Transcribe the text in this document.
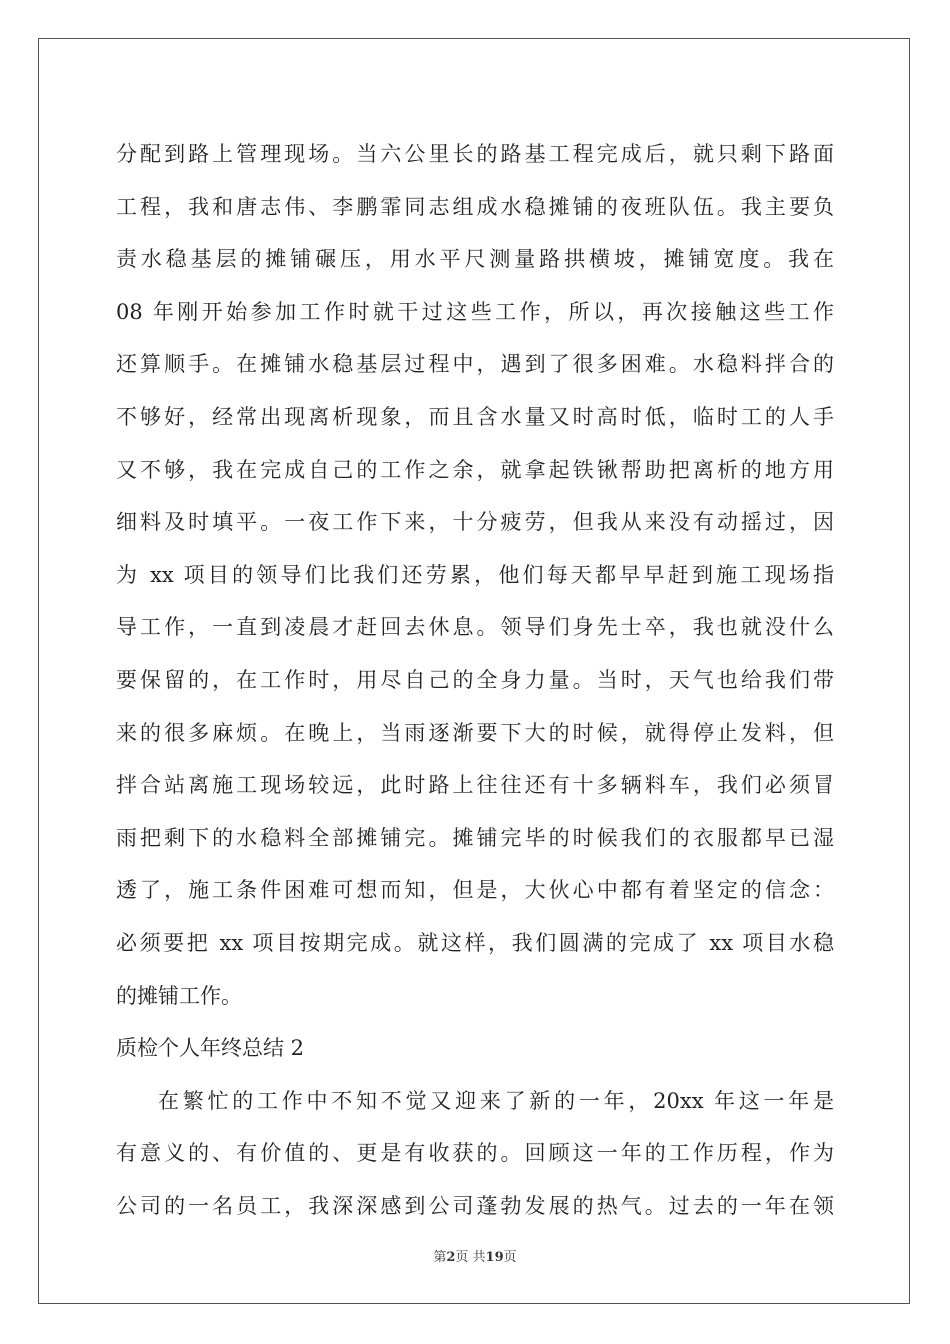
分配到路上管理现场。当六公里长的路基工程完成后，就只剩下路面
工程，我和唐志伟、李鹏霏同志组成水稳摊铺的夜班队伍。我主要负
责水稳基层的摊铺碾压，用水平尺测量路拱横坡，摊铺宽度。我在
08 年刚开始参加工作时就干过这些工作，所以，再次接触这些工作
还算顺手。在摊铺水稳基层过程中，遇到了很多困难。水稳料拌合的
不够好，经常出现离析现象，而且含水量又时高时低，临时工的人手
又不够，我在完成自己的工作之余，就拿起铁锹帮助把离析的地方用
细料及时填平。一夜工作下来，十分疲劳，但我从来没有动摇过，因
为 xx 项目的领导们比我们还劳累，他们每天都早早赶到施工现场指
导工作，一直到凌晨才赶回去休息。领导们身先士卒，我也就没什么
要保留的，在工作时，用尽自己的全身力量。当时，天气也给我们带
来的很多麻烦。在晚上，当雨逐渐要下大的时候，就得停止发料，但
拌合站离施工现场较远，此时路上往往还有十多辆料车，我们必须冒
雨把剩下的水稳料全部摊铺完。摊铺完毕的时候我们的衣服都早已湿
透了，施工条件困难可想而知，但是，大伙心中都有着坚定的信念：
必须要把 xx 项目按期完成。就这样，我们圆满的完成了 xx 项目水稳
的摊铺工作。
质检个人年终总结 2
在繁忙的工作中不知不觉又迎来了新的一年，20xx 年这一年是
有意义的、有价值的、更是有收获的。回顾这一年的工作历程，作为
公司的一名员工，我深深感到公司蓬勃发展的热气。过去的一年在领
第2页 共19页
